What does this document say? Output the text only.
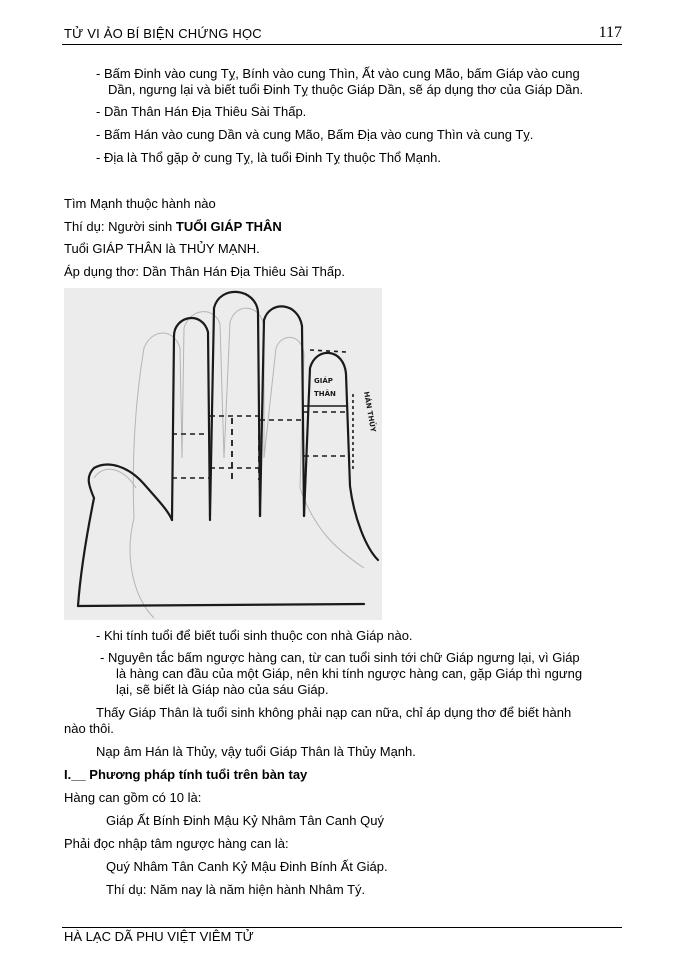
TỬ VI ẢO BÍ BIỆN CHỨNG HỌC	117
- Bấm Đinh vào cung Tỵ, Bính vào cung Thìn, Ất vào cung Mão, bấm Giáp vào cung
Dần, ngưng lại và biết tuổi Đinh Tỵ thuộc Giáp Dần, sẽ áp dụng thơ của Giáp Dần.
- Dần Thân Hán Địa Thiêu Sài Thấp.
- Bấm Hán vào cung Dần và cung Mão, Bấm Địa vào cung Thìn và cung Tỵ.
- Địa là Thổ gặp ở cung Tỵ, là tuổi Đinh Tỵ thuộc Thổ Mạnh.
Tìm Mạnh thuộc hành nào
Thí dụ: Người sinh TUỔI GIÁP THÂN
Tuổi GIÁP THÂN là THỦY MẠNH.
Áp dụng thơ: Dần Thân Hán Địa Thiêu Sài Thấp.
GIÁP
THÂN	HÁN THỦY
- Khi tính tuổi để biết tuổi sinh thuộc con nhà Giáp nào.
- Nguyên tắc bấm ngược hàng can, từ can tuổi sinh tới chữ Giáp ngưng lại, vì Giáp
là hàng can đầu của một Giáp, nên khi tính ngược hàng can, gặp Giáp thì ngưng
lại, sẽ biết là Giáp nào của sáu Giáp.
Thấy Giáp Thân là tuổi sinh không phải nạp can nữa, chỉ áp dụng thơ để biết hành
nào thôi.
Nạp âm Hán là Thủy, vậy tuổi Giáp Thân là Thủy Mạnh.
I.__ Phương pháp tính tuổi trên bàn tay
Hàng can gồm có 10 là:
Giáp Ất Bính Đinh Mậu Kỷ Nhâm Tân Canh Quý
Phải đọc nhập tâm ngược hàng can là:
Quý Nhâm Tân Canh Kỷ Mậu Đinh Bính Ất Giáp.
Thí dụ: Năm nay là năm hiện hành Nhâm Tý.
HÀ LẠC DÃ PHU VIỆT VIÊM TỬ
